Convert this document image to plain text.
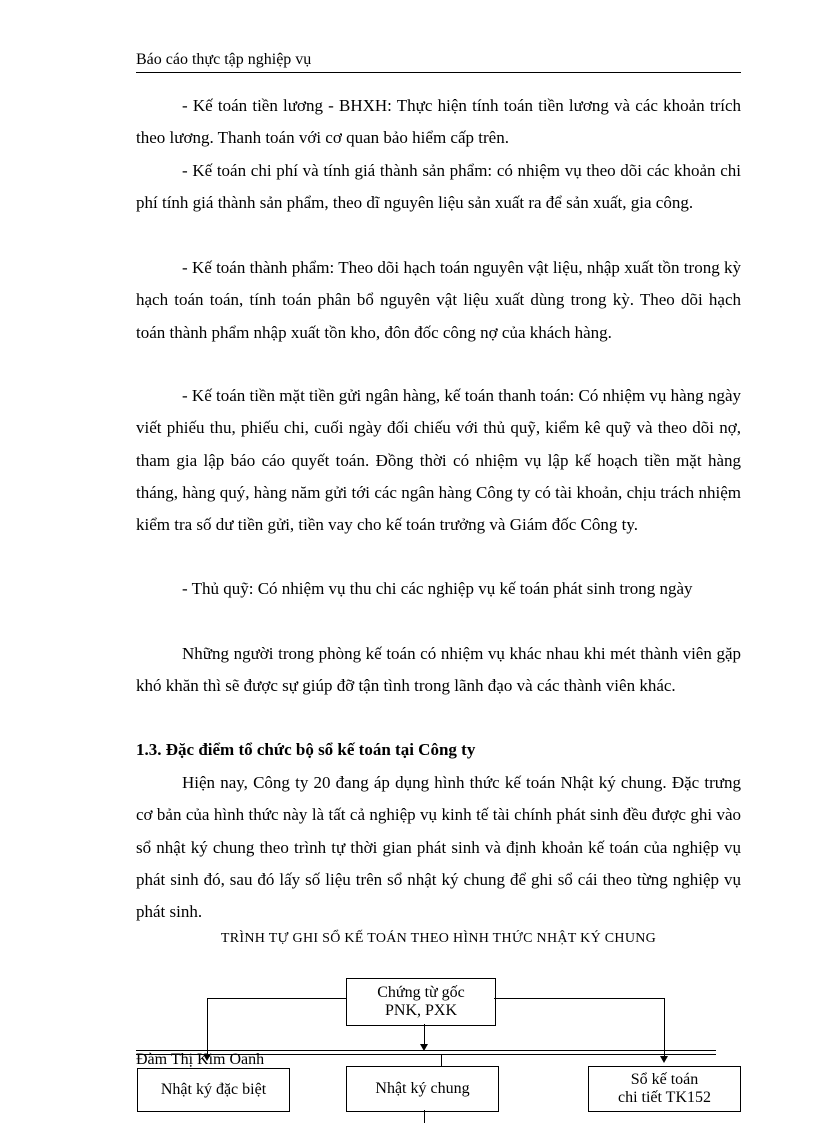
Báo cáo thực tập nghiệp vụ

- Kế toán tiền lương - BHXH: Thực hiện tính toán tiền lương và các khoản trích theo lương. Thanh toán với cơ quan bảo hiểm cấp trên.

- Kế toán chi phí và tính giá thành sản phẩm: có nhiệm vụ theo dõi các khoản chi phí tính giá thành sản phẩm, theo dĩ nguyên liệu sản xuất ra để sản xuất, gia công.

- Kế toán thành phẩm: Theo dõi hạch toán nguyên vật liệu, nhập xuất tồn trong kỳ hạch toán toán, tính toán phân bổ nguyên vật liệu xuất dùng trong kỳ. Theo dõi hạch toán thành phẩm nhập xuất tồn kho, đôn đốc công nợ của khách hàng.

- Kế toán tiền mặt tiền gửi ngân hàng, kế toán thanh toán: Có nhiệm vụ hàng ngày viết phiếu thu, phiếu chi, cuối ngày đối chiếu với thủ quỹ, kiểm kê quỹ và theo dõi nợ, tham gia lập báo cáo quyết toán. Đồng thời có nhiệm vụ lập kế hoạch tiền mặt hàng tháng, hàng quý, hàng năm gửi tới các ngân hàng Công ty có tài khoản, chịu trách nhiệm kiểm tra số dư tiền gửi, tiền vay cho kế toán trưởng và Giám đốc Công ty.

- Thủ quỹ: Có nhiệm vụ thu chi các nghiệp vụ kế toán phát sinh trong ngày

Những người trong phòng kế toán có nhiệm vụ khác nhau khi mét thành viên gặp khó khăn thì sẽ được sự giúp đỡ tận tình trong lãnh đạo và các thành viên khác.

1.3. Đặc điểm tổ chức bộ sổ kế toán tại Công ty

Hiện nay, Công ty 20 đang áp dụng hình thức kế toán Nhật ký chung. Đặc trưng cơ bản của hình thức này là tất cả nghiệp vụ kinh tế tài chính phát sinh đều được ghi vào sổ nhật ký chung theo trình tự thời gian phát sinh và định khoản kế toán của nghiệp vụ phát sinh đó, sau đó lấy số liệu trên sổ nhật ký chung để ghi sổ cái theo từng nghiệp vụ phát sinh.

TRÌNH TỰ GHI SỔ KẾ TOÁN THEO HÌNH THỨC NHẬT KÝ CHUNG

Chứng từ gốc
PNK, PXK
Đàm Thị Kim Oanh
Nhật ký đặc biệt	Nhật ký chung
Sổ kế toán
chi tiết TK152
